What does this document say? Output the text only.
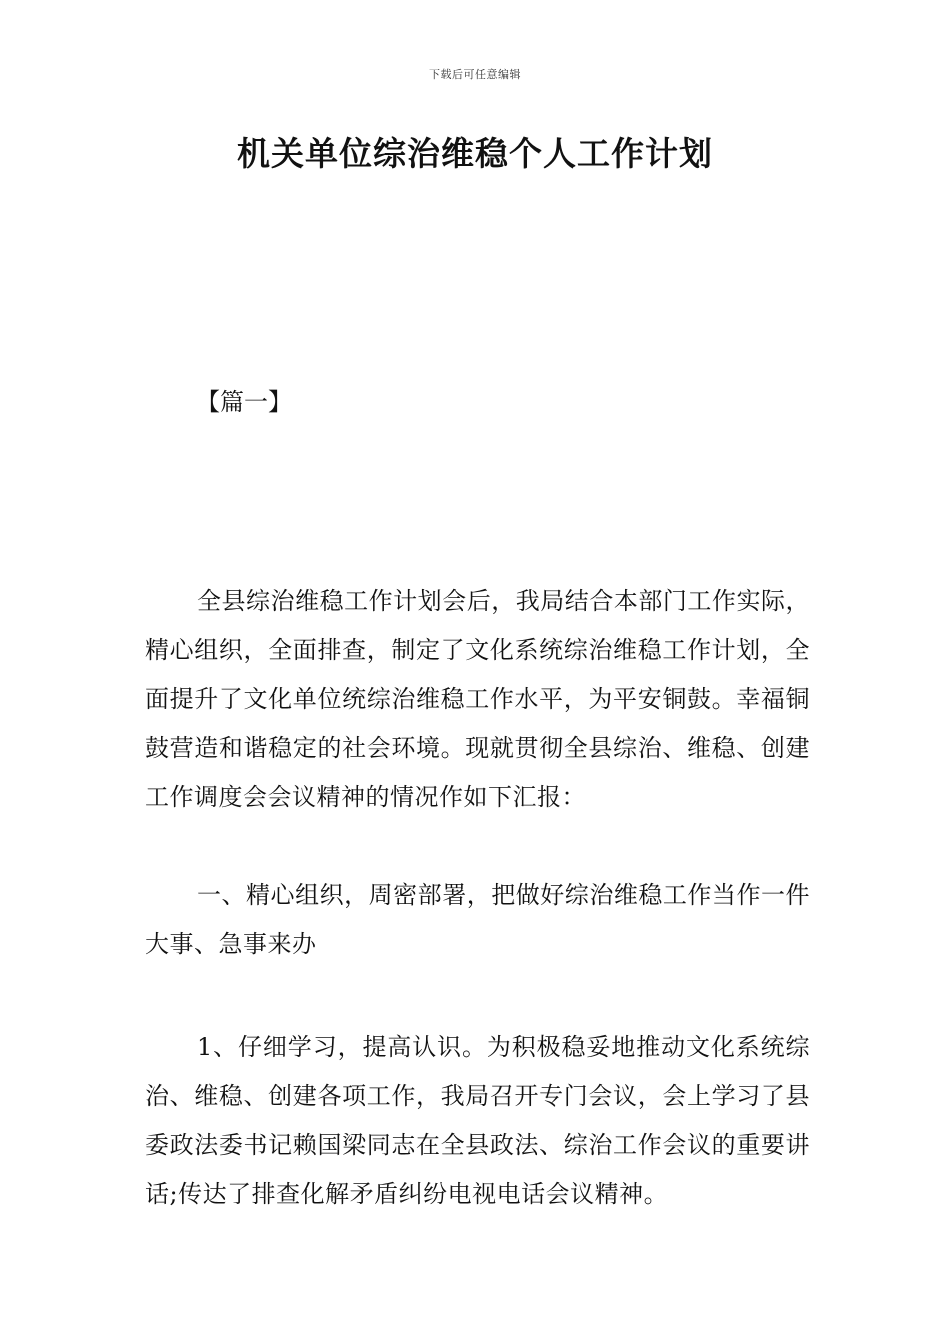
下载后可任意编辑
机关单位综治维稳个人工作计划
【篇一】

全县综治维稳工作计划会后，我局结合本部门工作实际，精心组织，全面排查，制定了文化系统综治维稳工作计划，全面提升了文化单位统综治维稳工作水平，为平安铜鼓。幸福铜鼓营造和谐稳定的社会环境。现就贯彻全县综治、维稳、创建工作调度会会议精神的情况作如下汇报：

一、精心组织，周密部署，把做好综治维稳工作当作一件大事、急事来办

1、仔细学习，提高认识。为积极稳妥地推动文化系统综治、维稳、创建各项工作，我局召开专门会议，会上学习了县委政法委书记赖国梁同志在全县政法、综治工作会议的重要讲话;传达了排查化解矛盾纠纷电视电话会议精神。
